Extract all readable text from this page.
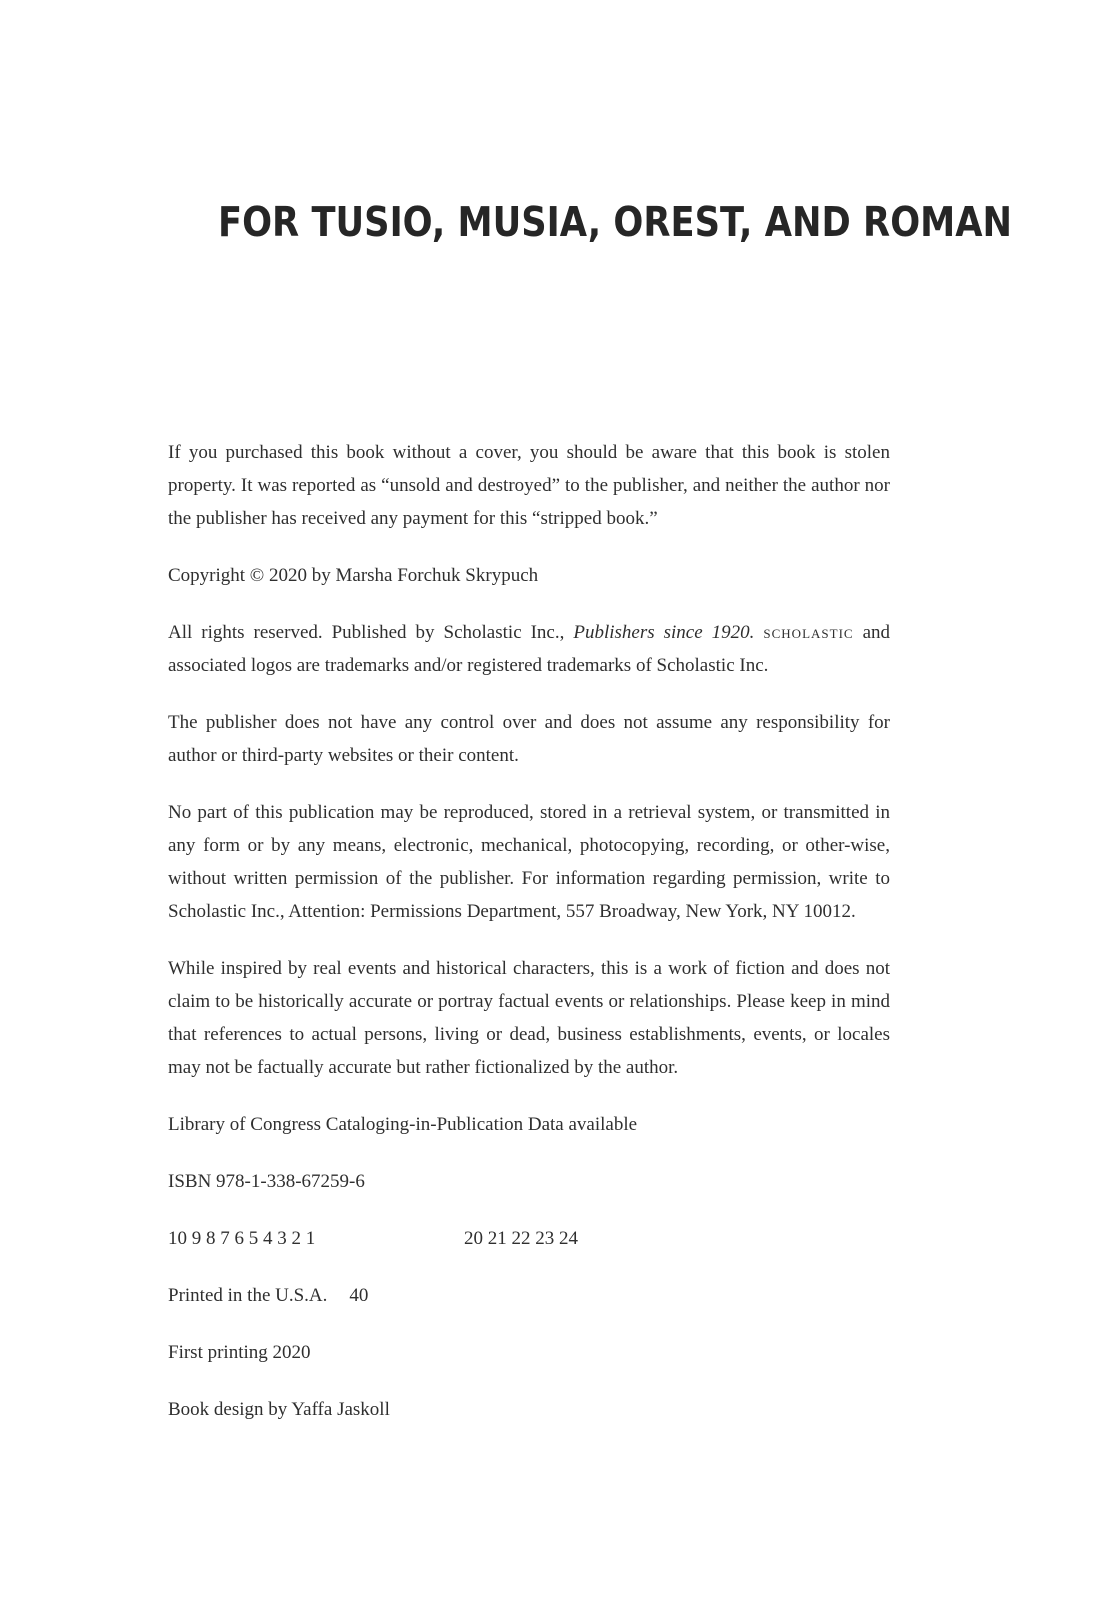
FOR TUSIO, MUSIA, OREST, AND ROMAN

If you purchased this book without a cover, you should be aware that this book is stolen property. It was reported as “unsold and destroyed” to the publisher, and neither the author nor the publisher has received any payment for this “stripped book.”

Copyright © 2020 by Marsha Forchuk Skrypuch

All rights reserved. Published by Scholastic Inc., Publishers since 1920. scholastic and associated logos are trademarks and/or registered trademarks of Scholastic Inc.

The publisher does not have any control over and does not assume any responsibility for author or third-party websites or their content.

No part of this publication may be reproduced, stored in a retrieval system, or transmitted in any form or by any means, electronic, mechanical, photocopying, recording, or other-wise, without written permission of the publisher. For information regarding permission, write to Scholastic Inc., Attention: Permissions Department, 557 Broadway, New York, NY 10012.

While inspired by real events and historical characters, this is a work of fiction and does not claim to be historically accurate or portray factual events or relationships. Please keep in mind that references to actual persons, living or dead, business establishments, events, or locales may not be factually accurate but rather fictionalized by the author.

Library of Congress Cataloging-in-Publication Data available

ISBN 978-1-338-67259-6

10 9 8 7 6 5 4 3 2 1	20 21 22 23 24

Printed in the U.S.A. 40

First printing 2020

Book design by Yaffa Jaskoll
